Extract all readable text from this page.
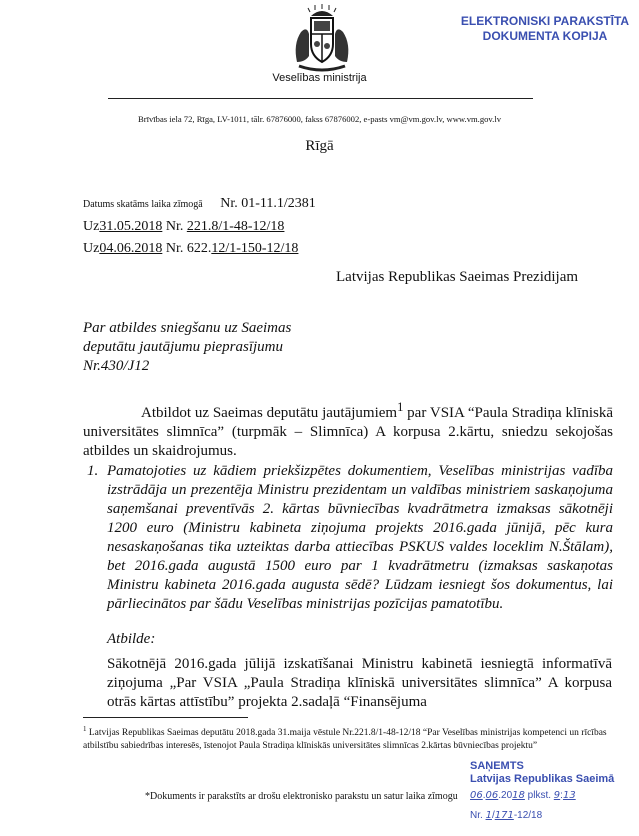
Veselības ministrija
Brīvības iela 72, Rīga, LV-1011, tālr. 67876000, fakss 67876002, e-pasts vm@vm.gov.lv, www.vm.gov.lv
Rīgā
ELEKTRONISKI PARAKSTĪTA
DOKUMENTA KOPIJA
Datums skatāms laika zīmogā Nr. 01-11.1/2381
Uz31.05.2018 Nr. 221.8/1-48-12/18
Uz04.06.2018 Nr. 622.12/1-150-12/18
Latvijas Republikas Saeimas Prezidijam
Par atbildes sniegšanu uz Saeimas deputātu jautājumu pieprasījumu Nr.430/J12
Atbildot uz Saeimas deputātu jautājumiem$^1$ par VSIA “Paula Stradiņa klīniskā universitātes slimnīca” (turpmāk – Slimnīca) A korpusa 2.kārtu, sniedzu sekojošas atbildes un skaidrojumus.
1. Pamatojoties uz kādiem priekšizpētes dokumentiem, Veselības ministrijas vadība izstrādāja un prezentēja Ministru prezidentam un valdības ministriem saskaņojuma saņemšanai preventīvās 2. kārtas būvniecības kvadrātmetra izmaksas sākotnēji 1200 euro (Ministru kabineta ziņojuma projekts 2016.gada jūnijā, pēc kura nesaskaņošanas tika uzteiktas darba attiecības PSKUS valdes loceklim N.Štālam), bet 2016.gada augustā 1500 euro par 1 kvadrātmetru (izmaksas saskaņotas Ministru kabineta 2016.gada augusta sēdē? Lūdzam iesniegt šos dokumentus, lai pārliecinātos par šādu Veselības ministrijas pozīcijas pamatotību.
Atbilde:
Sākotnējā 2016.gada jūlijā izskatīšanai Ministru kabinetā iesniegtā informatīvā ziņojuma „Par VSIA „Paula Stradiņa klīniskā universitātes slimnīca” A korpusa otrās kārtas attīstību” projekta 2.sadaļā “Finansējuma
$^1$ Latvijas Republikas Saeimas deputātu 2018.gada 31.maija vēstule Nr.221.8/1-48-12/18 “Par Veselības ministrijas kompetenci un rīcības atbilstību sabiedrības interesēs, īstenojot Paula Stradiņa klīniskās universitātes slimnīcas 2.kārtas būvniecības projektu”
*Dokuments ir parakstīts ar drošu elektronisko parakstu un satur laika zīmogu
SAŅEMTS
Latvijas Republikas Saeimā
06.06.2018 plkst. 9:13
Nr. 1/171-12/18
